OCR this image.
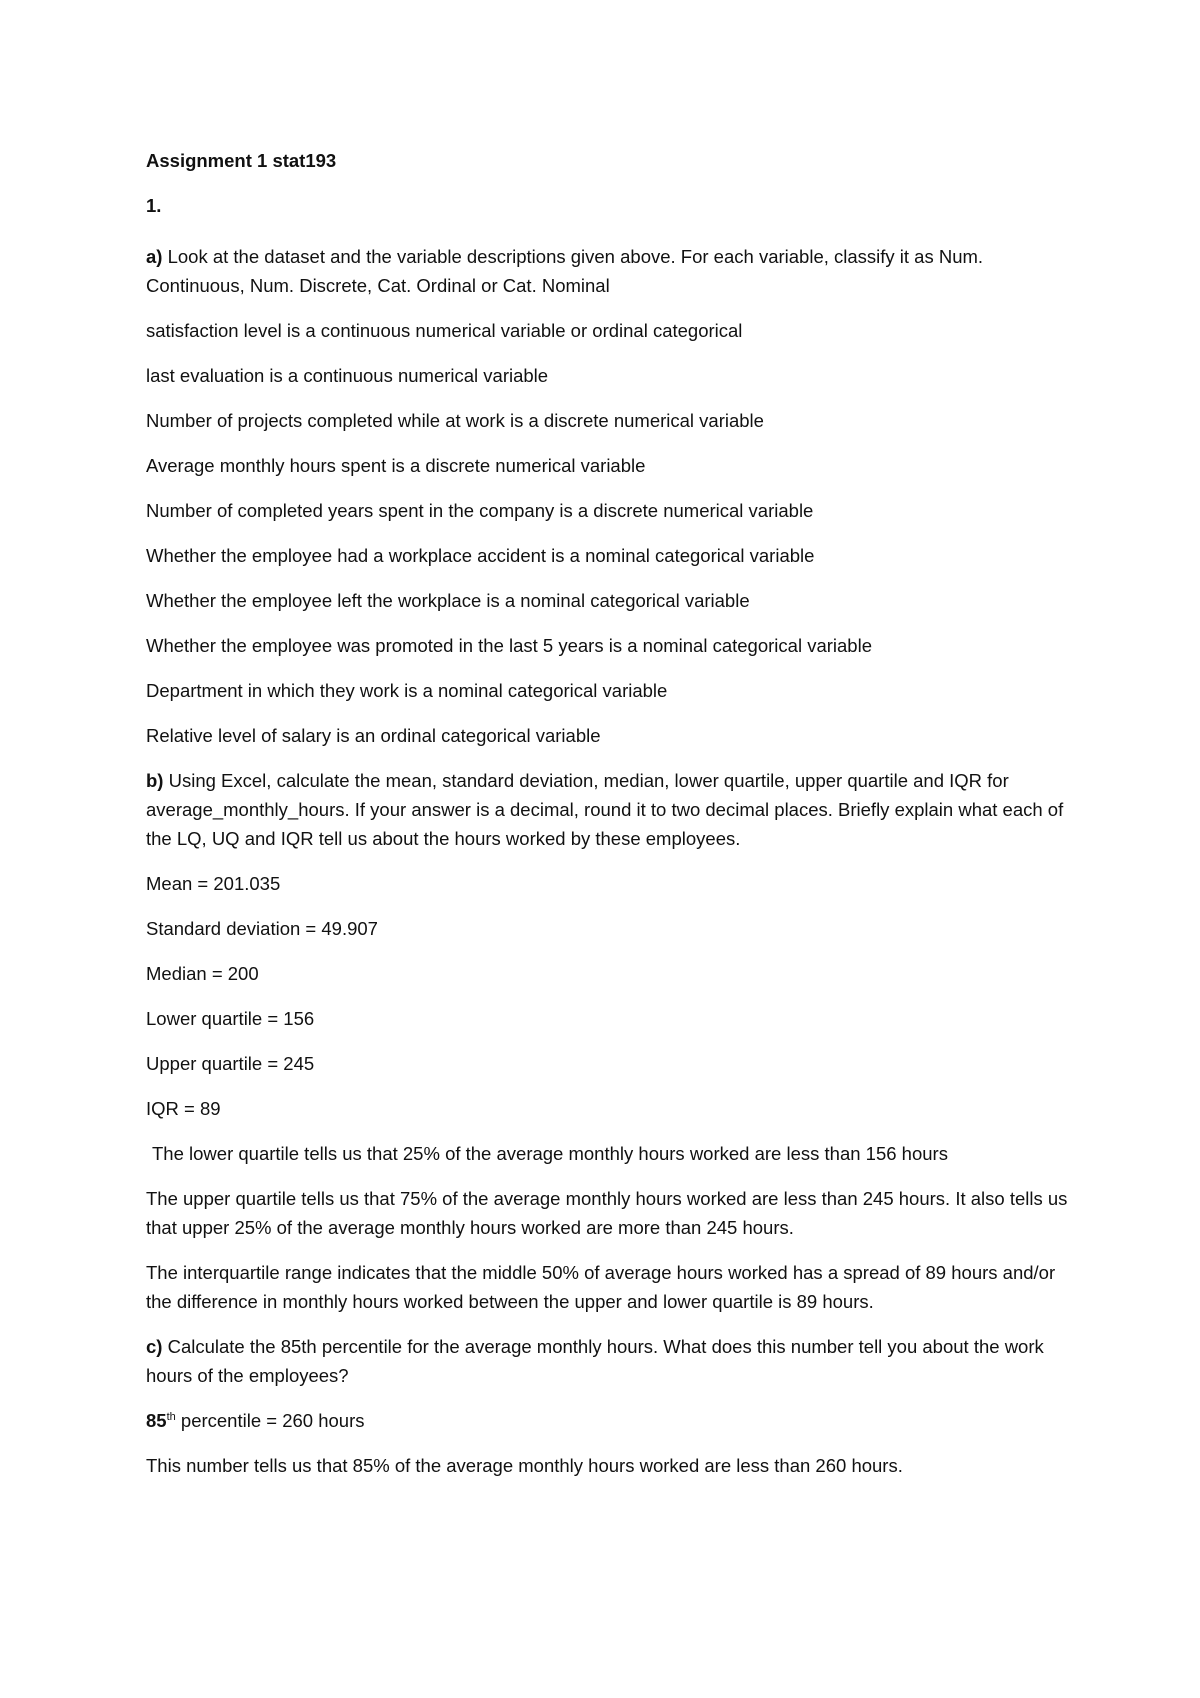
Assignment 1 stat193

1.

a) Look at the dataset and the variable descriptions given above. For each variable, classify it as Num. Continuous, Num. Discrete, Cat. Ordinal or Cat. Nominal

satisfaction level is a continuous numerical variable or ordinal categorical

last evaluation is a continuous numerical variable

Number of projects completed while at work is a discrete numerical variable

Average monthly hours spent is a discrete numerical variable

Number of completed years spent in the company is a discrete numerical variable

Whether the employee had a workplace accident is a nominal categorical variable

Whether the employee left the workplace is a nominal categorical variable

Whether the employee was promoted in the last 5 years is a nominal categorical variable

Department in which they work is a nominal categorical variable

Relative level of salary is an ordinal categorical variable

b) Using Excel, calculate the mean, standard deviation, median, lower quartile, upper quartile and IQR for average_monthly_hours. If your answer is a decimal, round it to two decimal places. Briefly explain what each of the LQ, UQ and IQR tell us about the hours worked by these employees.

Mean = 201.035

Standard deviation = 49.907

Median = 200

Lower quartile = 156

Upper quartile = 245

IQR = 89

The lower quartile tells us that 25% of the average monthly hours worked are less than 156 hours

The upper quartile tells us that 75% of the average monthly hours worked are less than 245 hours. It also tells us that upper 25% of the average monthly hours worked are more than 245 hours.

The interquartile range indicates that the middle 50% of average hours worked has a spread of 89 hours and/or the difference in monthly hours worked between the upper and lower quartile is 89 hours.

c) Calculate the 85th percentile for the average monthly hours. What does this number tell you about the work hours of the employees?

85th percentile = 260 hours

This number tells us that 85% of the average monthly hours worked are less than 260 hours.
